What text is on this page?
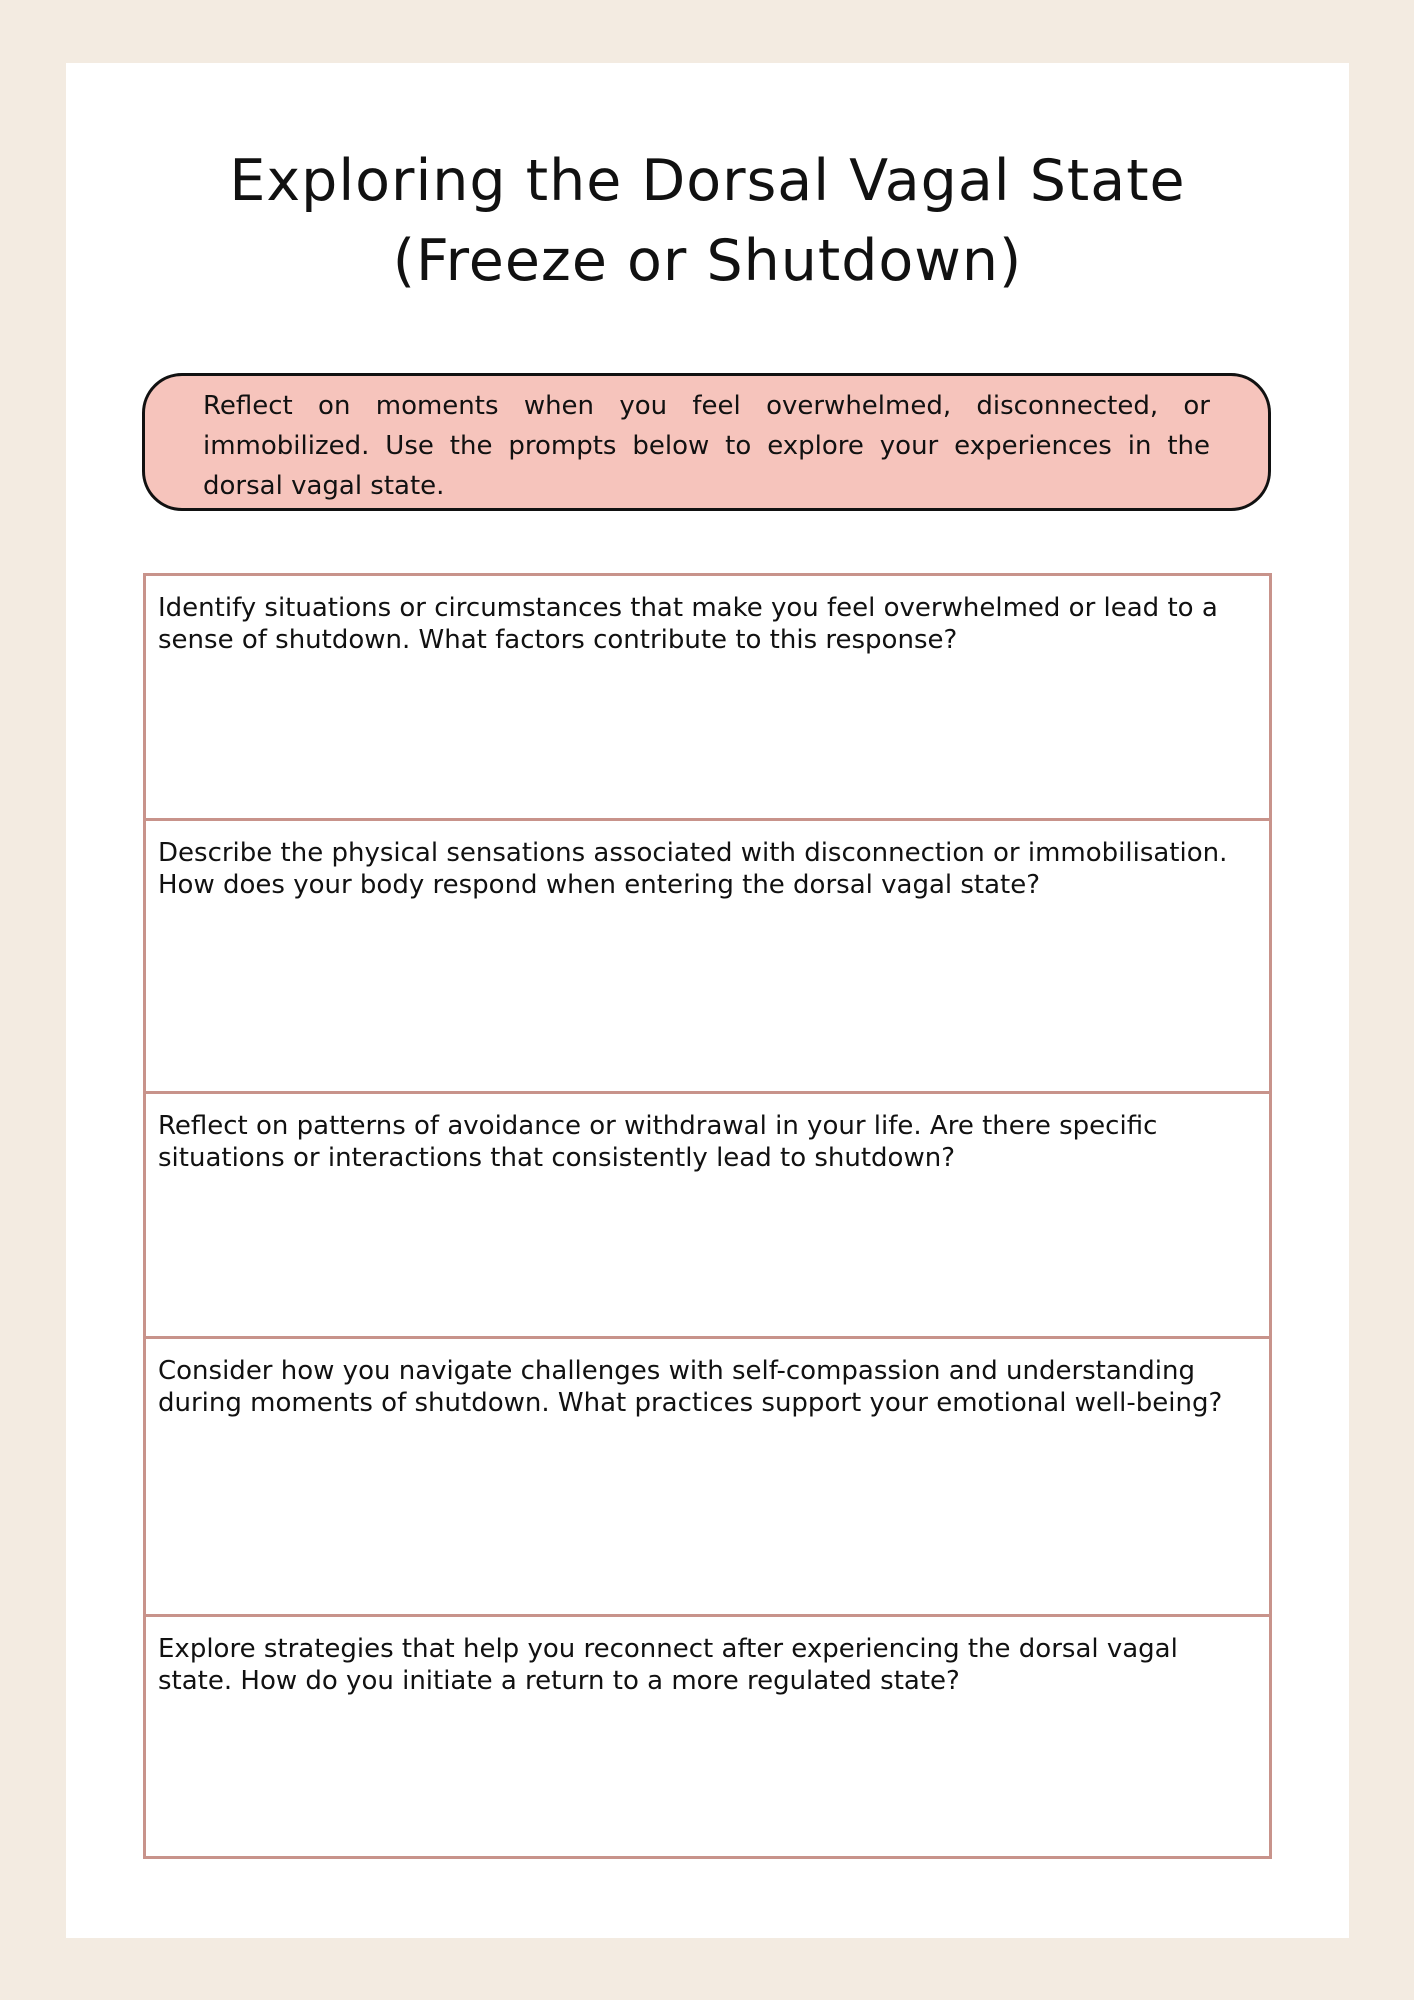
Exploring the Dorsal Vagal State
(Freeze or Shutdown)

Reflect on moments when you feel overwhelmed, disconnected, or immobilized. Use the prompts below to explore your experiences in the dorsal vagal state.

Identify situations or circumstances that make you feel overwhelmed or lead to a sense of shutdown. What factors contribute to this response?

Describe the physical sensations associated with disconnection or immobilisation. How does your body respond when entering the dorsal vagal state?

Reflect on patterns of avoidance or withdrawal in your life. Are there specific situations or interactions that consistently lead to shutdown?

Consider how you navigate challenges with self-compassion and understanding during moments of shutdown. What practices support your emotional well-being?

Explore strategies that help you reconnect after experiencing the dorsal vagal state. How do you initiate a return to a more regulated state?
